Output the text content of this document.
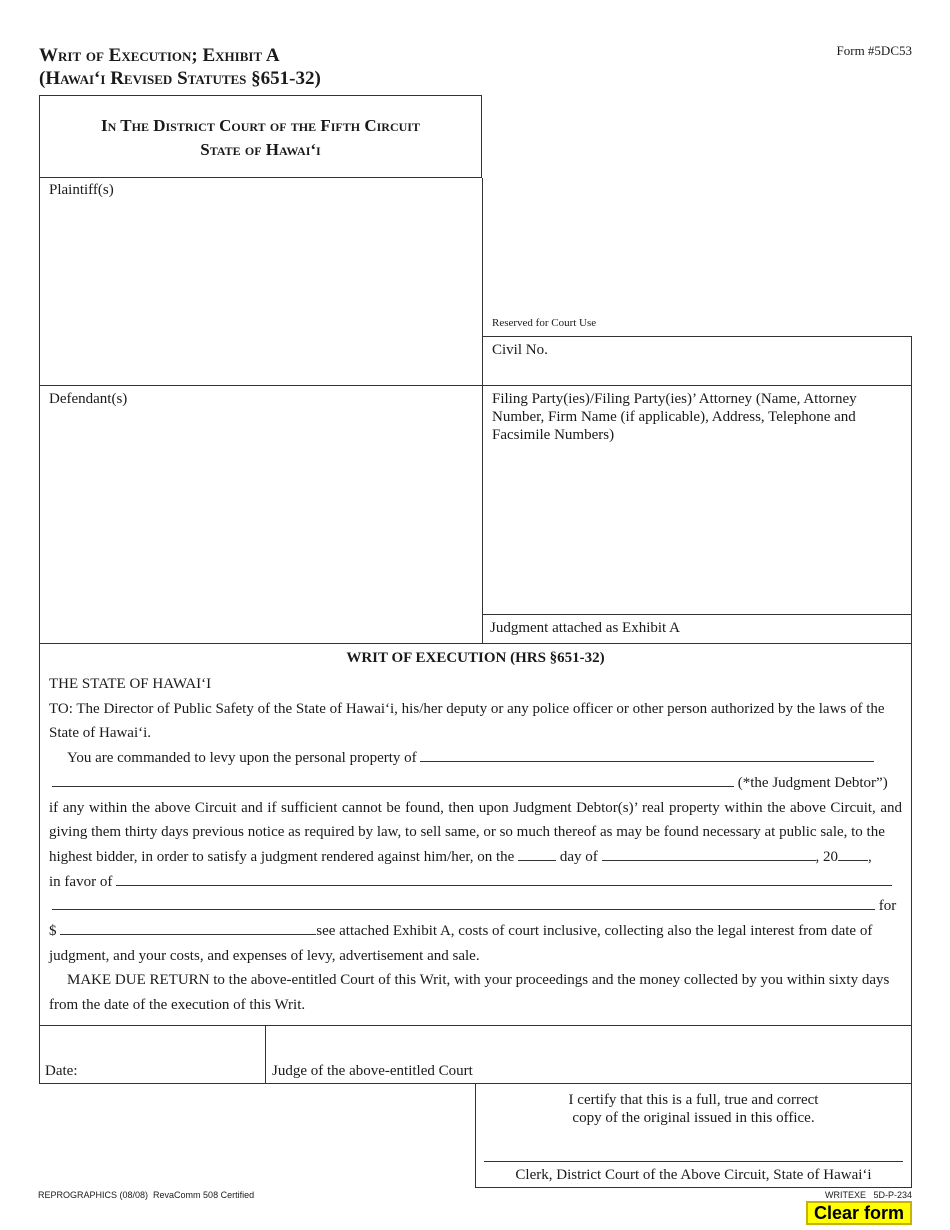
Writ of Execution; Exhibit A
(Hawai‘i Revised Statutes §651-32)
Form #5DC53
In The District Court of the Fifth Circuit
State of Hawai‘i
Plaintiff(s)
Reserved for Court Use
Civil No.
Defendant(s)	Filing Party(ies)/Filing Party(ies)’ Attorney (Name, Attorney Number, Firm Name (if applicable), Address, Telephone and Facsimile Numbers)
Judgment attached as Exhibit A
WRIT OF EXECUTION (HRS §651-32)
THE STATE OF HAWAI‘I
TO: The Director of Public Safety of the State of Hawai‘i, his/her deputy or any police officer or other person authorized by the laws of the State of Hawai‘i.
You are commanded to levy upon the personal property of
(*the Judgment Debtor”)
if any within the above Circuit and if sufficient cannot be found, then upon Judgment Debtor(s)’ real property within the above Circuit, and giving them thirty days previous notice as required by law, to sell same, or so much thereof as may be found necessary at public sale, to the
highest bidder, in order to satisfy a judgment rendered against him/her, on the	day of	, 20 ,
in favor of
for
$	see attached Exhibit A, costs of court inclusive, collecting also the legal interest from date of
judgment, and your costs, and expenses of levy, advertisement and sale.
MAKE DUE RETURN to the above-entitled Court of this Writ, with your proceedings and the money collected by you within sixty days from the date of the execution of this Writ.
Date:	Judge of the above-entitled Court
I certify that this is a full, true and correct
copy of the original issued in this office.
Clerk, District Court of the Above Circuit, State of Hawai‘i
REPROGRAPHICS (08/08) RevaComm 508 Certified	WRITEXE   5D-P-234
Clear form
